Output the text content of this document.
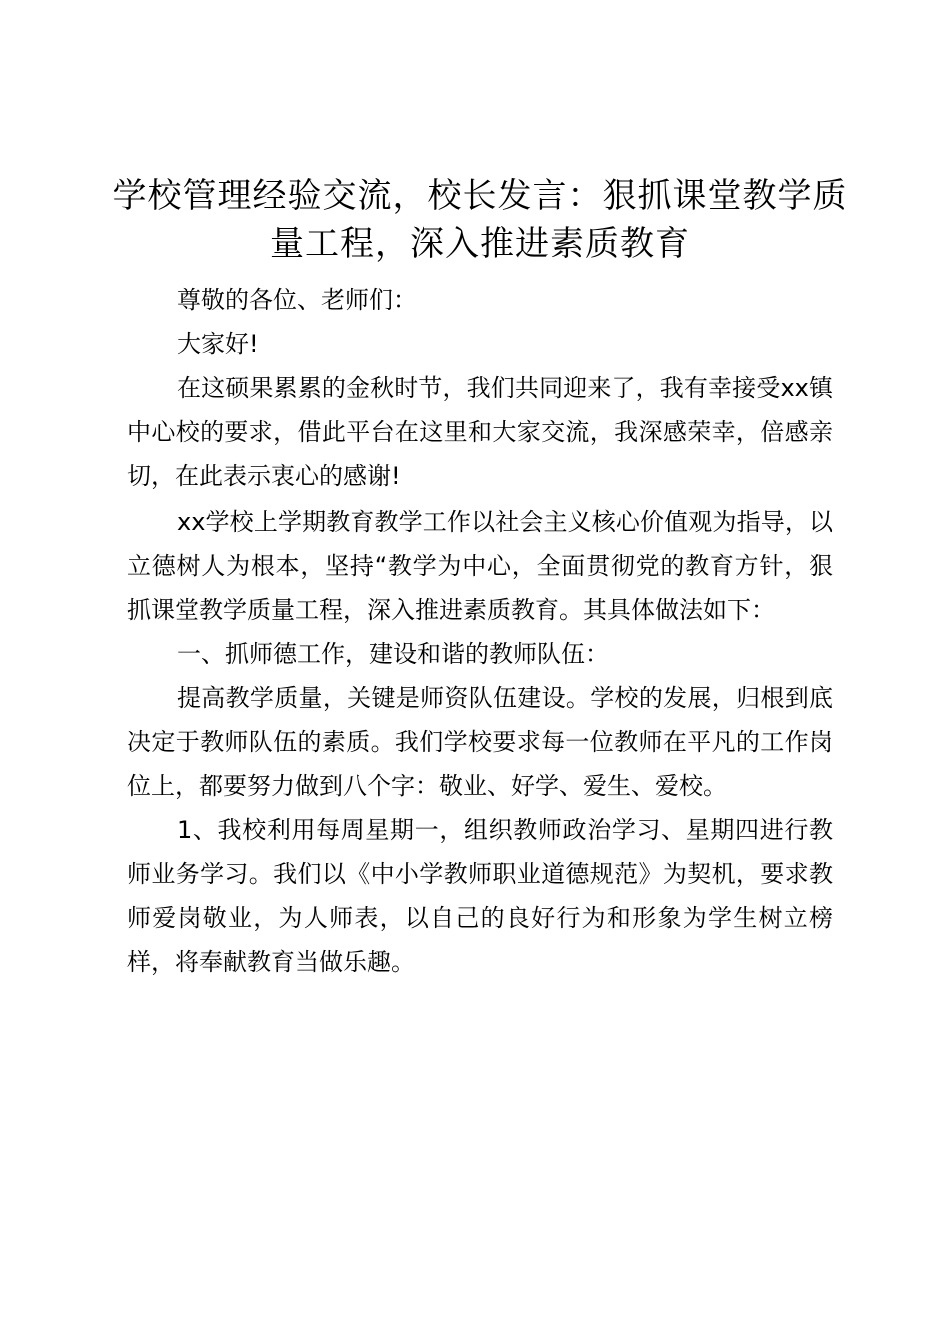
学校管理经验交流，校长发言：狠抓课堂教学质量工程，深入推进素质教育

尊敬的各位、老师们：

大家好!

在这硕果累累的金秋时节，我们共同迎来了，我有幸接受xx镇中心校的要求，借此平台在这里和大家交流，我深感荣幸，倍感亲切，在此表示衷心的感谢!

xx学校上学期教育教学工作以社会主义核心价值观为指导，以立德树人为根本，坚持“教学为中心，全面贯彻党的教育方针，狠抓课堂教学质量工程，深入推进素质教育。其具体做法如下：

一、抓师德工作，建设和谐的教师队伍：

提高教学质量，关键是师资队伍建设。学校的发展，归根到底决定于教师队伍的素质。我们学校要求每一位教师在平凡的工作岗位上，都要努力做到八个字：敬业、好学、爱生、爱校。

1、我校利用每周星期一，组织教师政治学习、星期四进行教师业务学习。我们以《中小学教师职业道德规范》为契机，要求教师爱岗敬业，为人师表，以自己的良好行为和形象为学生树立榜样，将奉献教育当做乐趣。
